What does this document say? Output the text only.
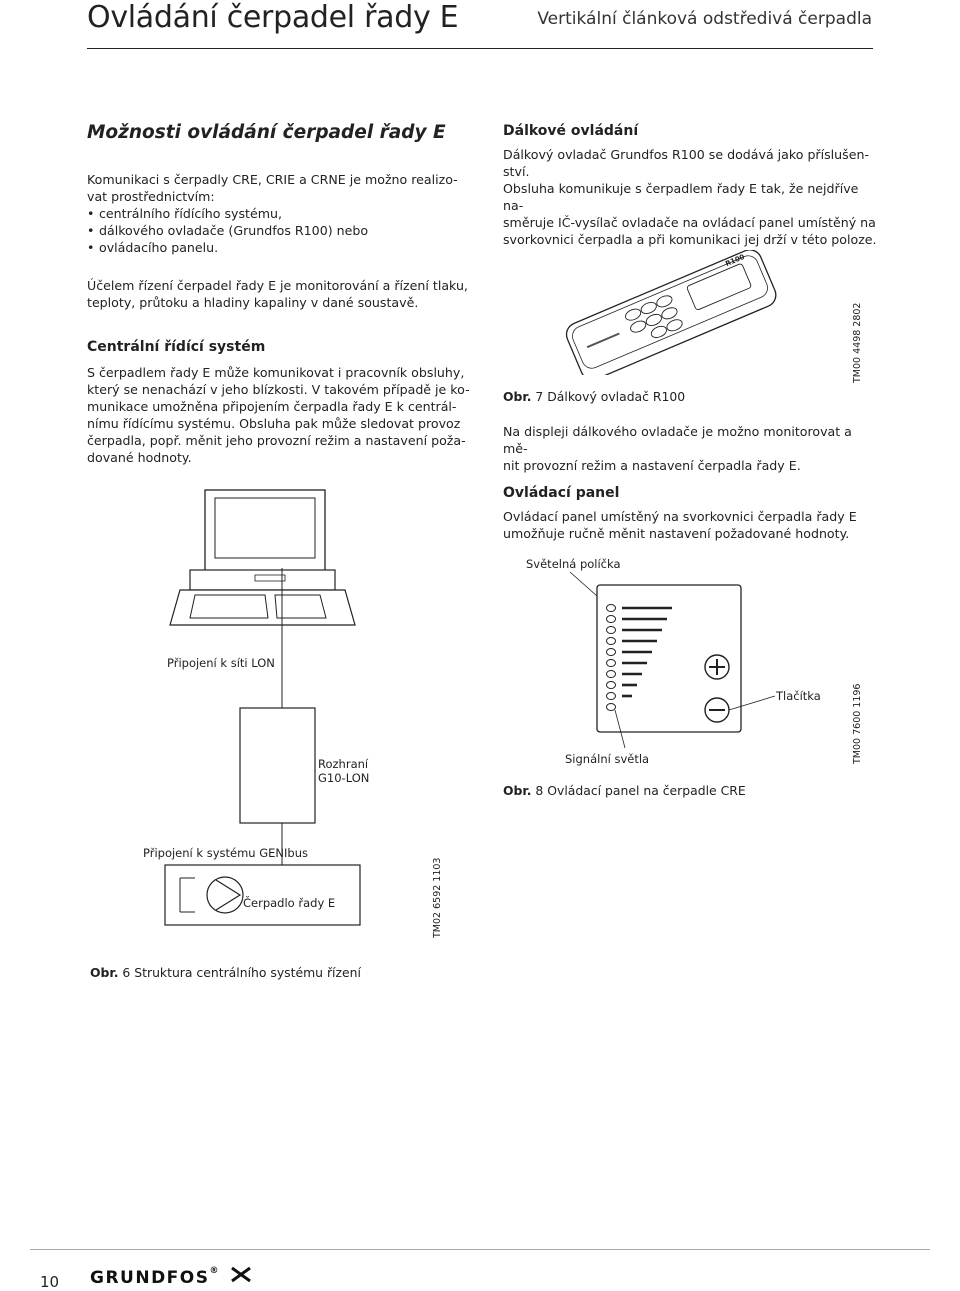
Ovládání čerpadel řady E	Vertikální článková odstředivá čerpadla
Možnosti ovládání čerpadel řady E

Komunikaci s čerpadly CRE, CRIE a CRNE je možno realizo-

vat prostřednictvím:

• centrálního řídícího systému,
• dálkového ovladače (Grundfos R100) nebo
• ovládacího panelu.

Účelem řízení čerpadel řady E je monitorování a řízení tlaku,

teploty, průtoku a hladiny kapaliny v dané soustavě.

Centrální řídící systém

S čerpadlem řady E může komunikovat i pracovník obsluhy,

který se nenachází v jeho blízkosti. V takovém případě je ko-

munikace umožněna připojením čerpadla řady E k centrál-

nímu řídícímu systému. Obsluha pak může sledovat provoz

čerpadla, popř. měnit jeho provozní režim a nastavení poža-

dované hodnoty.

Připojení k síti LON
Rozhraní
G10-LON
Připojení k systému GENIbus
Čerpadlo řady E	TM02 6592 1103
Obr. 6 Struktura centrálního systému řízení
Dálkové ovládání

Dálkový ovladač Grundfos R100 se dodává jako příslušen-

ství.

Obsluha komunikuje s čerpadlem řady E tak, že nejdříve na-

směruje IČ-vysílač ovladače na ovládací panel umístěný na

svorkovnici čerpadla a při komunikaci jej drží v této poloze.

R100
TM00 4498 2802
Obr. 7 Dálkový ovladač R100

Na displeji dálkového ovladače je možno monitorovat a mě-

nit provozní režim a nastavení čerpadla řady E.

Ovládací panel

Ovládací panel umístěný na svorkovnici čerpadla řady E

umožňuje ručně měnit nastavení požadované hodnoty.

Světelná políčka
Tlačítka
Signální světla	TM00 7600 1196
Obr. 8 Ovládací panel na čerpadle CRE
10 GRUNDFOS®
